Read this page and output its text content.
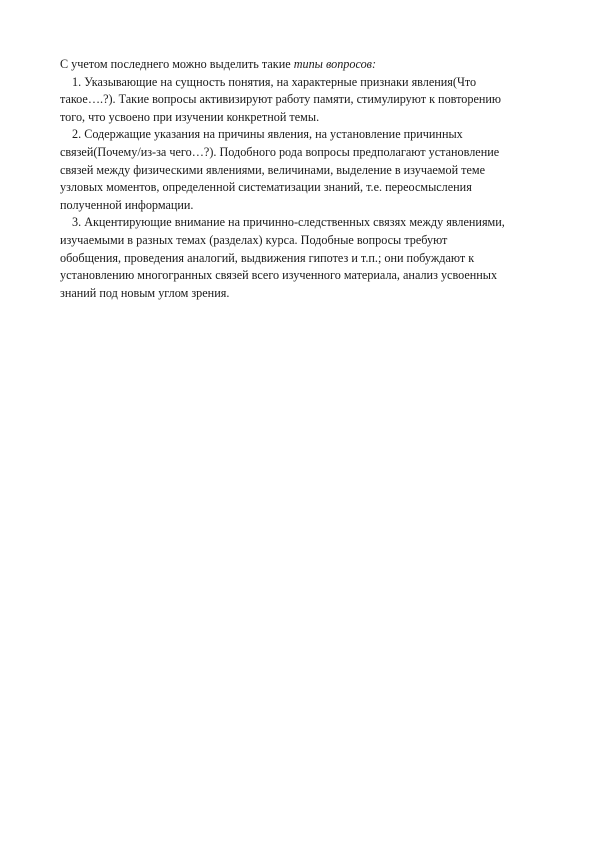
С учетом последнего можно выделить такие типы вопросов:

1. Указывающие на сущность понятия, на характерные признаки явления(Что
такое….?). Такие вопросы активизируют работу памяти, стимулируют к повторению
того, что усвоено при изучении конкретной темы.

2. Содержащие указания на причины явления, на установление причинных
связей(Почему/из-за чего…?). Подобного рода вопросы предполагают установление
связей между физическими явлениями, величинами, выделение в изучаемой теме
узловых моментов, определенной систематизации знаний, т.е. переосмысления
полученной информации.

3. Акцентирующие внимание на причинно-следственных связях между явлениями,
изучаемыми в разных темах (разделах) курса. Подобные вопросы требуют
обобщения, проведения аналогий, выдвижения гипотез и т.п.; они побуждают к
установлению многогранных связей всего изученного материала, анализ усвоенных
знаний под новым углом зрения.
